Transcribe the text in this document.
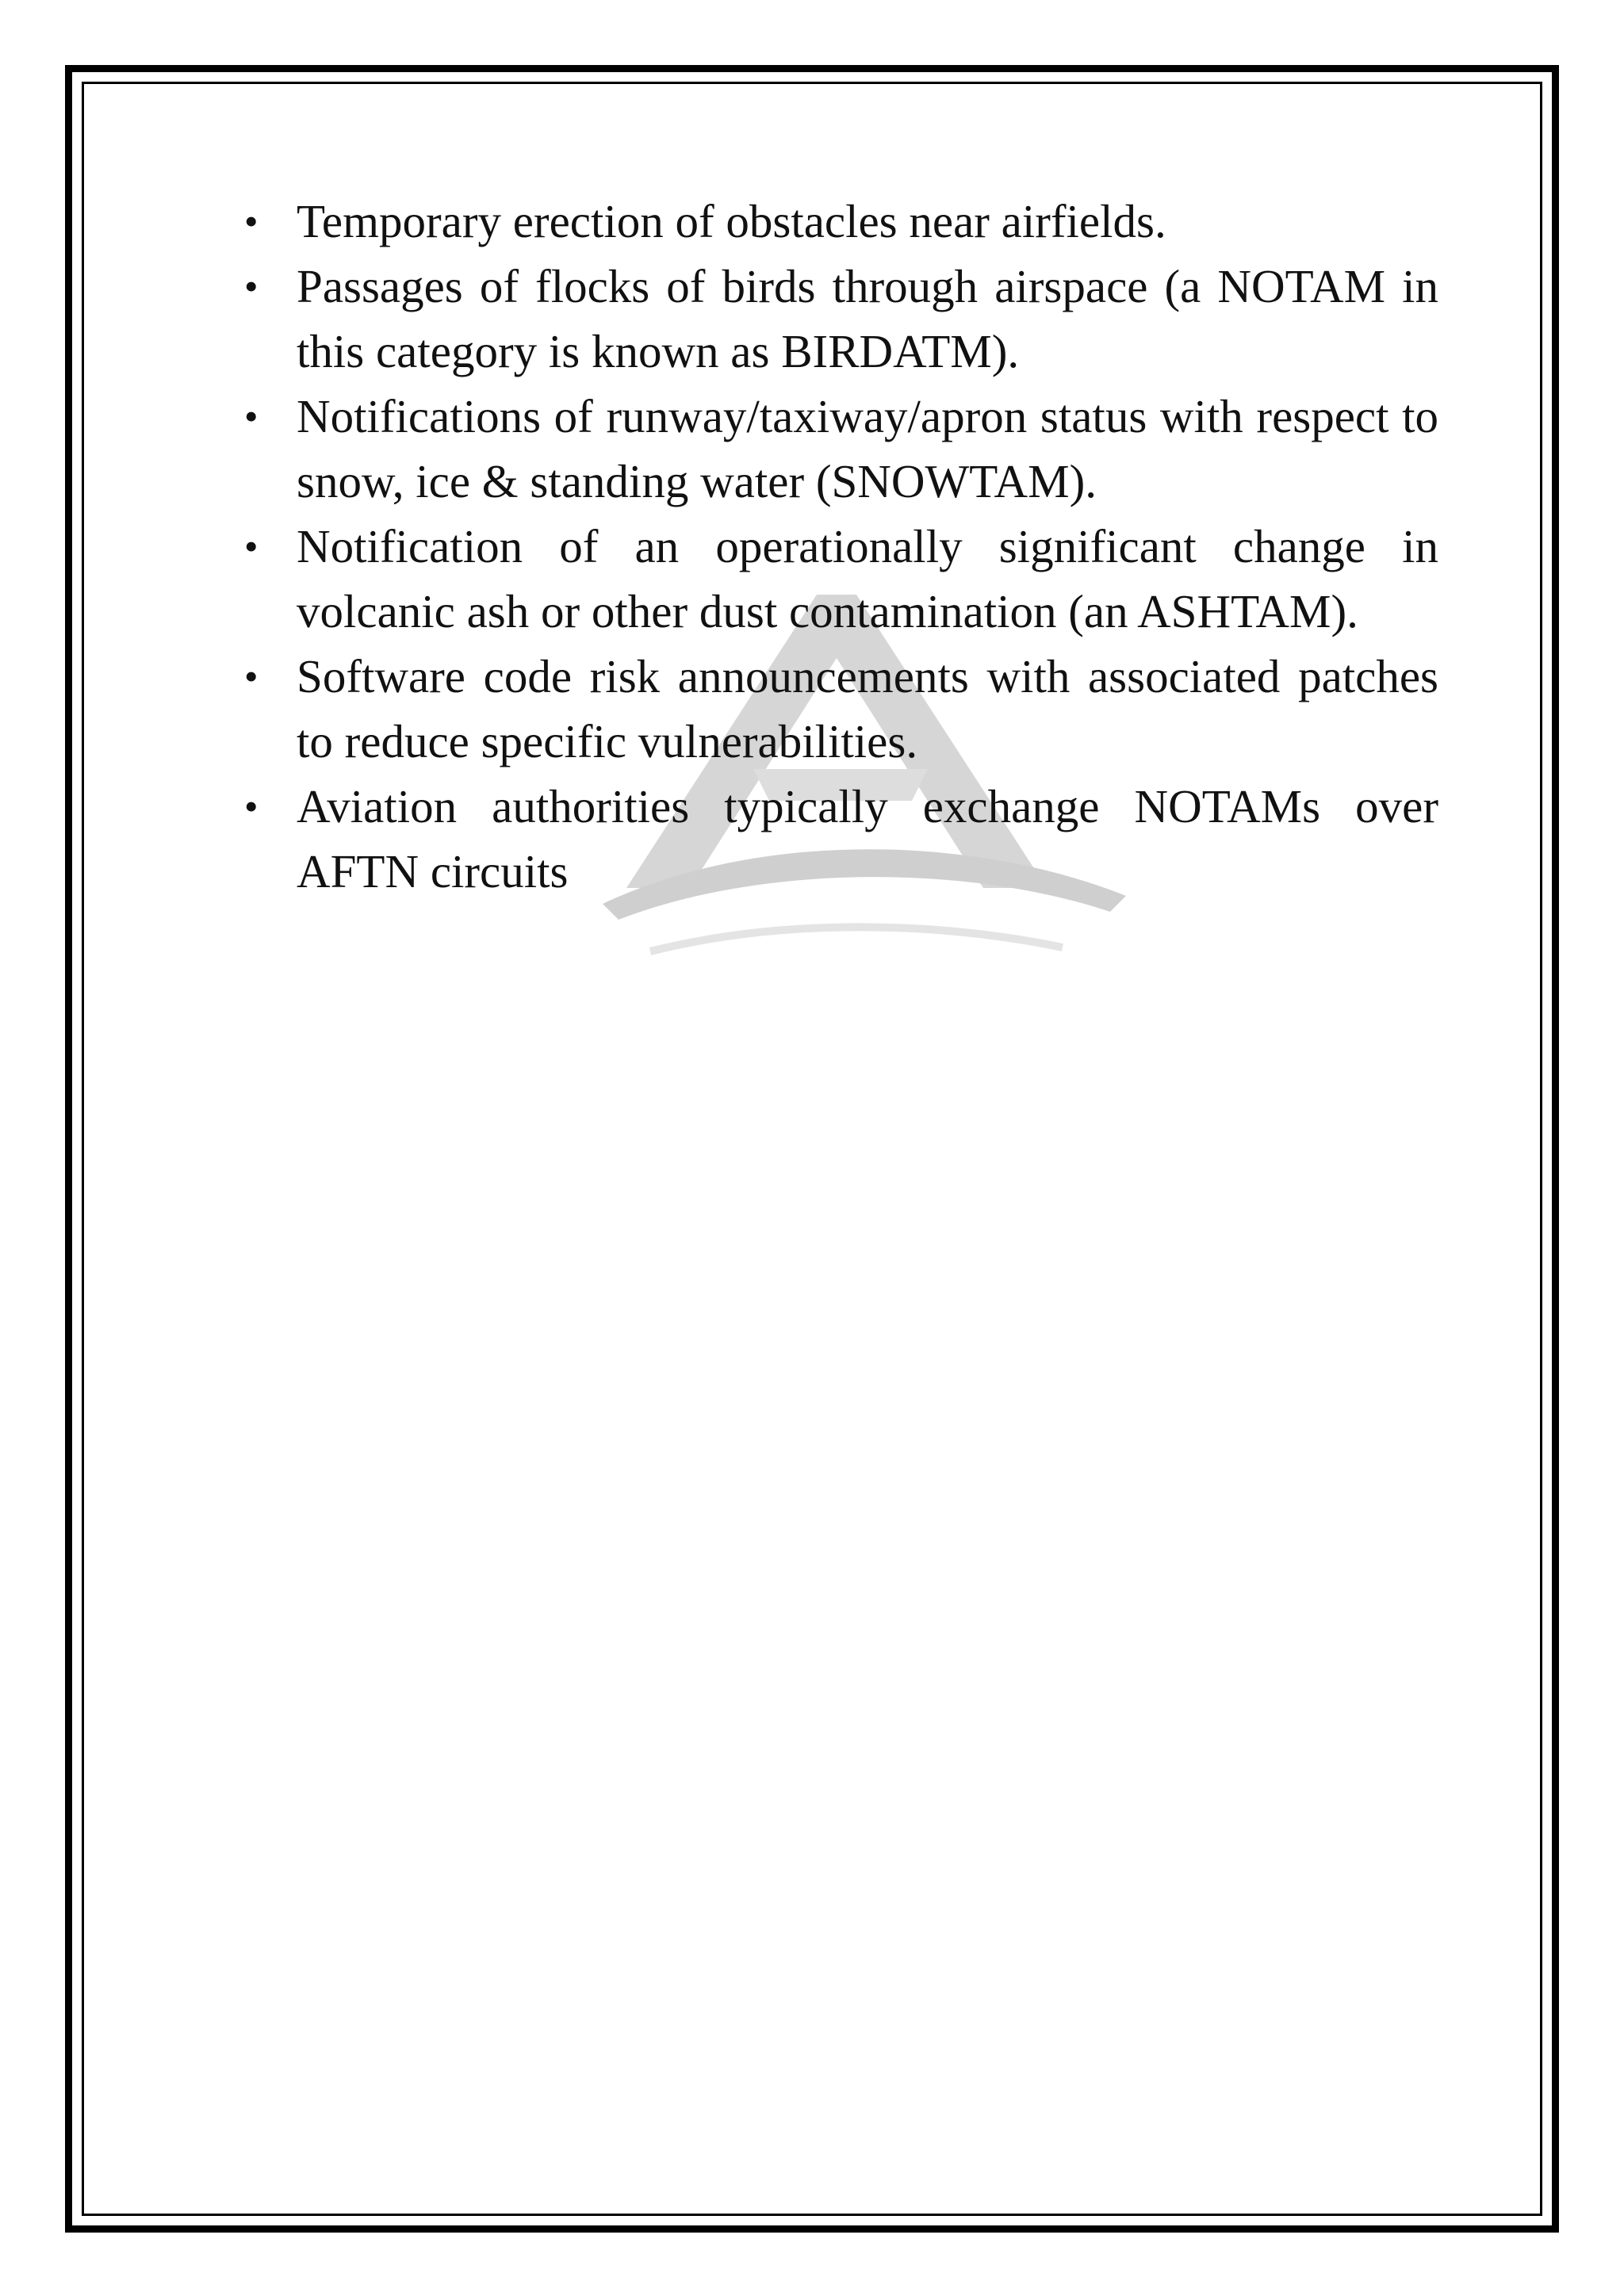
• Temporary erection of obstacles near airfields.
• Passages of flocks of birds through airspace (a NOTAM in this category is known as BIRDATM).
• Notifications of runway/taxiway/apron status with respect to snow, ice & standing water (SNOWTAM).
• Notification of an operationally significant change in volcanic ash or other dust contamination (an ASHTAM).
• Software code risk announcements with associated patches to reduce specific vulnerabilities.
• Aviation authorities typically exchange NOTAMs over AFTN circuits
